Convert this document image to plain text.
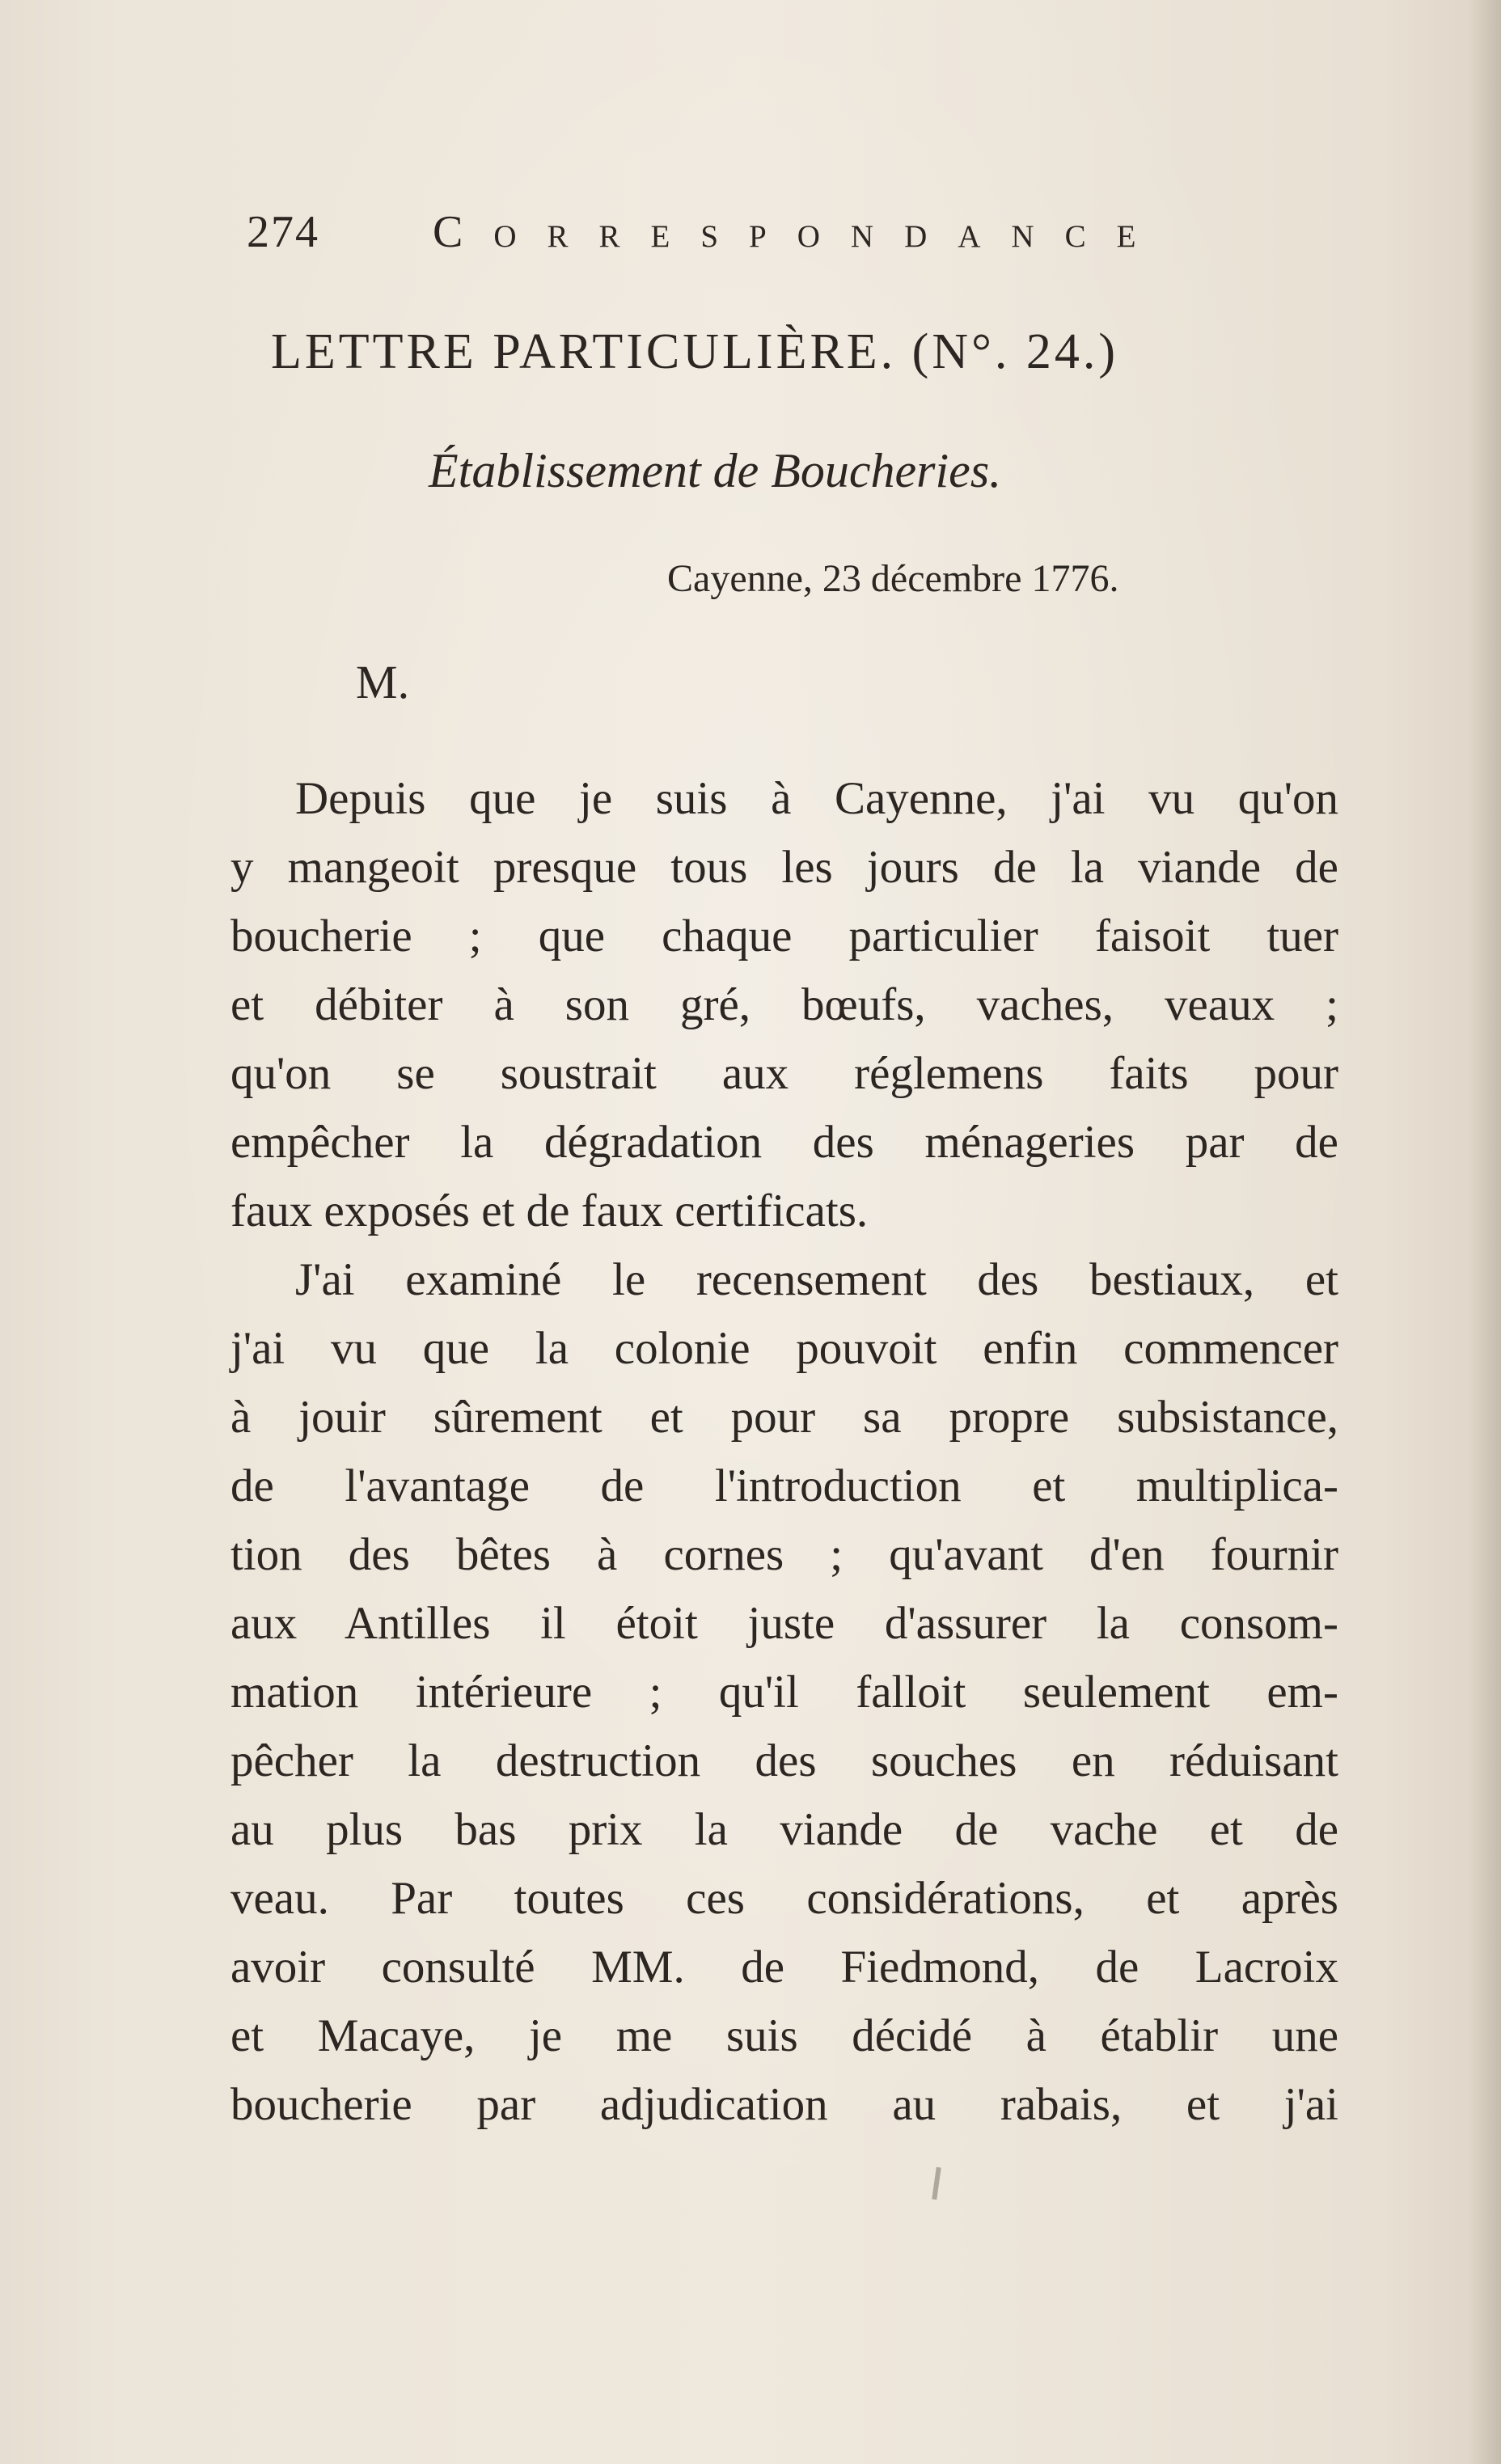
274	Correspondance
LETTRE PARTICULIÈRE. (N°. 24.)
Établissement de Boucheries.
Cayenne, 23 décembre 1776.
M.
Depuis que je suis à Cayenne, j'ai vu qu'on
y mangeoit presque tous les jours de la viande de
boucherie ; que chaque particulier faisoit tuer
et débiter à son gré, bœufs, vaches, veaux ;
qu'on se soustrait aux réglemens faits pour
empêcher la dégradation des ménageries par de
faux exposés et de faux certificats.
J'ai examiné le recensement des bestiaux, et
j'ai vu que la colonie pouvoit enfin commencer
à jouir sûrement et pour sa propre subsistance,
de l'avantage de l'introduction et multiplica-
tion des bêtes à cornes ; qu'avant d'en fournir
aux Antilles il étoit juste d'assurer la consom-
mation intérieure ; qu'il falloit seulement em-
pêcher la destruction des souches en réduisant
au plus bas prix la viande de vache et de
veau. Par toutes ces considérations, et après
avoir consulté MM. de Fiedmond, de Lacroix
et Macaye, je me suis décidé à établir une
boucherie par adjudication au rabais, et j'ai
